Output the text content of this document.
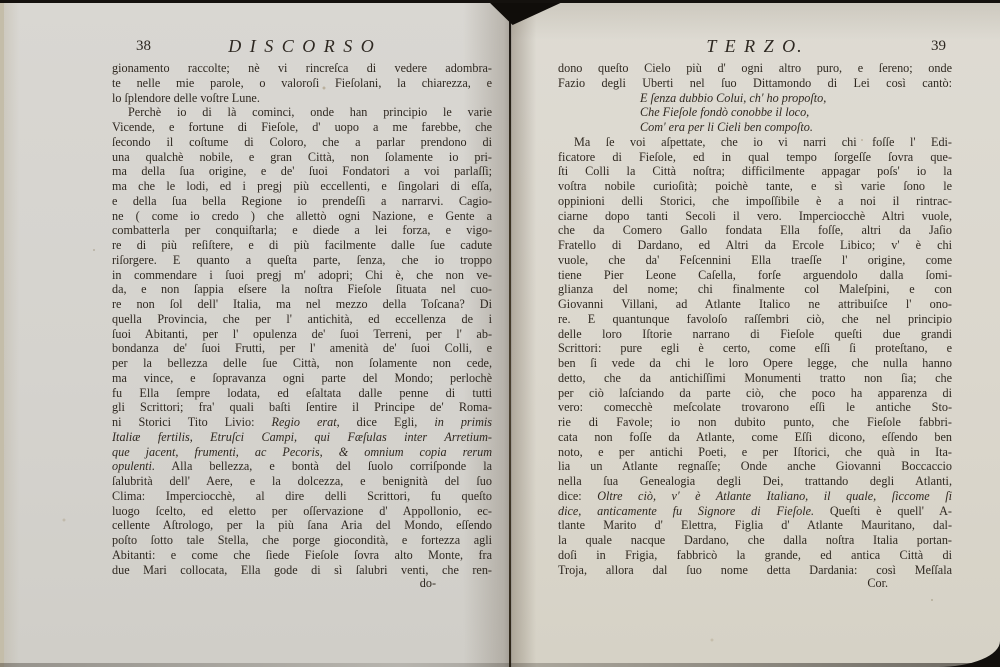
38	D I S C O R S O
gionamento raccolte; nè vi rincreſca di vedere adombra-
te nelle mie parole, o valoroſi Fieſolani, la chiarezza, e
lo ſplendore delle voſtre Lune.
Perchè io di là cominci, onde han principio le varie
Vicende, e fortune di Fieſole, d' uopo a me farebbe, che
ſecondo il coſtume di Coloro, che a parlar prendono di
una qualchè nobile, e gran Città, non ſolamente io pri-
ma della ſua origine, e de' ſuoi Fondatori a voi parlaſſi;
ma che le lodi, ed i pregj più eccellenti, e ſingolari di eſſa,
e della ſua bella Regione io prendeſſi a narrarvi. Cagio-
ne ( come io credo ) che allettò ogni Nazione, e Gente a
combatterla per conquiſtarla; e diede a lei forza, e vigo-
re di più reſiſtere, e di più facilmente dalle ſue cadute
riſorgere. E quanto a queſta parte, ſenza, che io troppo
in commendare i ſuoi pregj m' adopri; Chi è, che non ve-
da, e non ſappia eſsere la noſtra Fieſole ſituata nel cuo-
re non ſol dell' Italia, ma nel mezzo della Toſcana? Di
quella Provincia, che per l' antichità, ed eccellenza de i
ſuoi Abitanti, per l' opulenza de' ſuoi Terreni, per l' ab-
bondanza de' ſuoi Frutti, per l' amenità de' ſuoi Colli, e
per la bellezza delle ſue Città, non ſolamente non cede,
ma vince, e ſopravanza ogni parte del Mondo; perlochè
fu Ella ſempre lodata, ed eſaltata dalle penne di tutti
gli Scrittori; fra' quali baſti ſentire il Principe de' Roma-
ni Storici Tito Livio: Regio erat, dice Egli, in primis
Italiæ fertilis, Etruſci Campi, qui Fæſulas inter Arretium-
que jacent, frumenti, ac Pecoris, & omnium copia rerum
opulenti. Alla bellezza, e bontà del ſuolo corriſponde la
ſalubrità dell' Aere, e la dolcezza, e benignità del ſuo
Clima: Imperciocchè, al dire delli Scrittori, fu queſto
luogo ſcelto, ed eletto per oſſervazione d' Appollonio, ec-
cellente Aſtrologo, per la più ſana Aria del Mondo, eſſendo
poſto ſotto tale Stella, che porge giocondità, e fortezza agli
Abitanti: e come che ſiede Fieſole ſovra alto Monte, fra
due Mari collocata, Ella gode di sì ſalubri venti, che ren-
do-
T E R Z O.	39
dono queſto Cielo più d' ogni altro puro, e ſereno; onde
Fazio degli Uberti nel ſuo Dittamondo di Lei così cantò:
E ſenza dubbio Colui, ch' ho propoſto,
Che Fieſole fondò conobbe il loco,
Com' era per li Cieli ben compoſto.
Ma ſe voi aſpettate, che io vi narri chi foſſe l' Edi-
ficatore di Fieſole, ed in qual tempo ſorgeſſe ſovra que-
ſti Colli la Città noſtra; difficilmente appagar poſs' io la
voſtra nobile curioſità; poichè tante, e sì varie ſono le
oppinioni delli Storici, che impoſſibile è a noi il rintrac-
ciarne dopo tanti Secoli il vero. Imperciocchè Altri vuole,
che da Comero Gallo fondata Ella foſſe, altri da Jaſio
Fratello di Dardano, ed Altri da Ercole Libico; v' è chi
vuole, che da' Feſcennini Ella traeſſe l' origine, come
tiene Pier Leone Caſella, forſe arguendolo dalla ſomi-
glianza del nome; chi finalmente col Maleſpini, e con
Giovanni Villani, ad Atlante Italico ne attribuiſce l' ono-
re. E quantunque favoloſo raſſembri ciò, che nel principio
delle loro Iſtorie narrano di Fieſole queſti due grandi
Scrittori: pure egli è certo, come eſſi ſi proteſtano, e
ben ſi vede da chi le loro Opere legge, che nulla hanno
detto, che da antichiſſimi Monumenti tratto non ſia; che
per ciò laſciando da parte ciò, che poco ha apparenza di
vero: comecchè meſcolate trovarono eſſi le antiche Sto-
rie di Favole; io non dubito punto, che Fieſole fabbri-
cata non foſſe da Atlante, come Eſſi dicono, eſſendo ben
noto, e per antichi Poeti, e per Iſtorici, che quà in Ita-
lia un Atlante regnaſſe; Onde anche Giovanni Boccaccio
nella ſua Genealogia degli Dei, trattando degli Atlanti,
dice: Oltre ciò, v' è Atlante Italiano, il quale, ſiccome ſi
dice, anticamente fu Signore di Fieſole. Queſti è quell' A-
tlante Marito d' Elettra, Figlia d' Atlante Mauritano, dal-
la quale nacque Dardano, che dalla noſtra Italia portan-
doſi in Frigia, fabbricò la grande, ed antica Città di
Troja, allora dal ſuo nome detta Dardania: così Meſſala
Cor.
